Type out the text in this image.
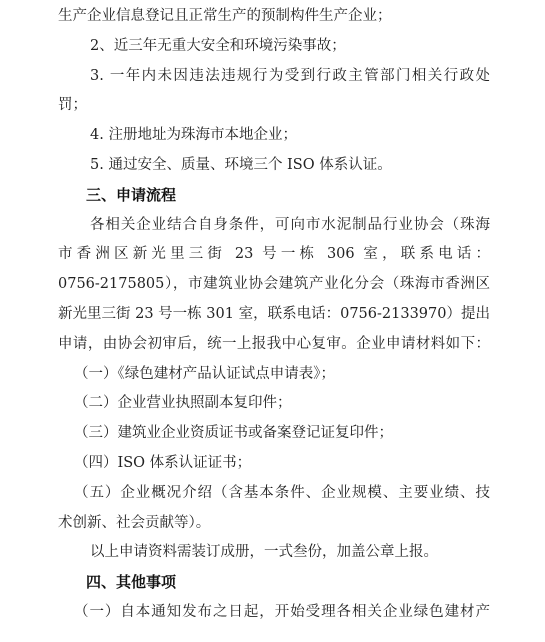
生产企业信息登记且正常生产的预制构件生产企业；
2、近三年无重大安全和环境污染事故；
3. 一年内未因违法违规行为受到行政主管部门相关行政处
罚；
4. 注册地址为珠海市本地企业；
5. 通过安全、质量、环境三个 ISO 体系认证。
三、申请流程
各相关企业结合自身条件，可向市水泥制品行业协会（珠海
市香洲区新光里三街 23 号一栋 306 室，联系电话：
0756-2175805），市建筑业协会建筑产业化分会（珠海市香洲区
新光里三街 23 号一栋 301 室，联系电话：0756-2133970）提出
申请，由协会初审后，统一上报我中心复审。企业申请材料如下：
（一）《绿色建材产品认证试点申请表》；
（二）企业营业执照副本复印件；
（三）建筑业企业资质证书或备案登记证复印件；
（四）ISO 体系认证证书；
（五）企业概况介绍（含基本条件、企业规模、主要业绩、技
术创新、社会贡献等）。
以上申请资料需装订成册，一式叁份，加盖公章上报。
四、其他事项
（一）自本通知发布之日起，开始受理各相关企业绿色建材产
